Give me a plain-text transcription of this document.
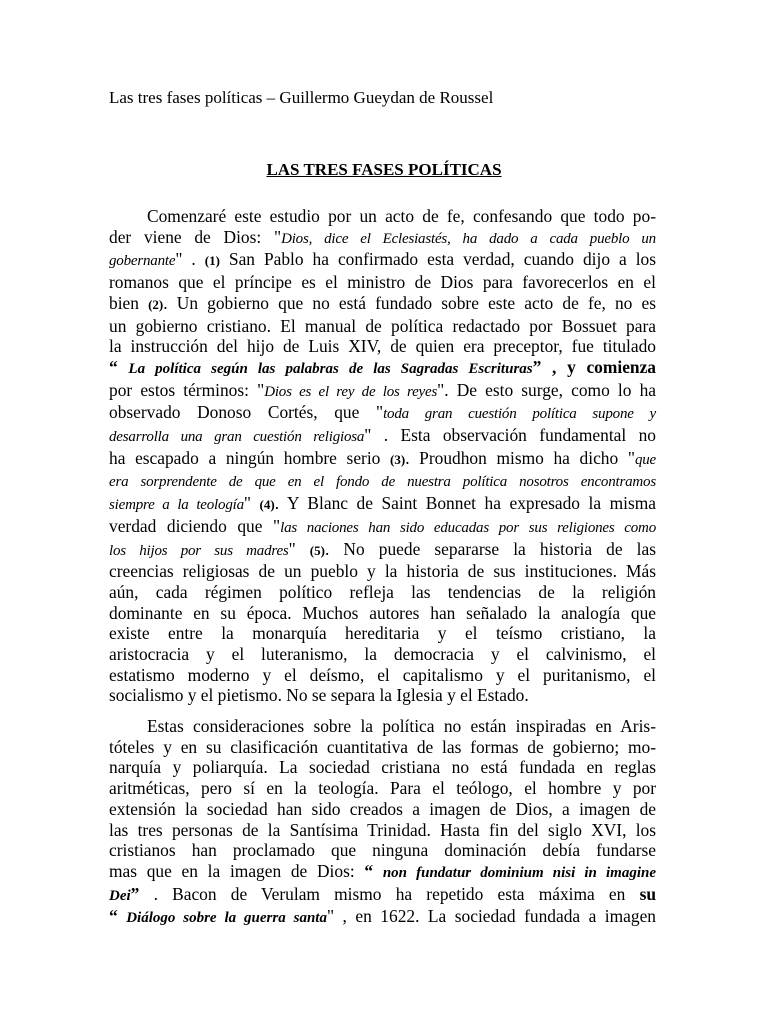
Las tres fases políticas – Guillermo Gueydan de Roussel
LAS TRES FASES POLÍTICAS
Comenzaré este estudio por un acto de fe, confesando que todo po-
der viene de Dios: "Dios, dice el Eclesiastés, ha dado a cada pueblo un
gobernante" . (1) San Pablo ha confirmado esta verdad, cuando dijo a los
romanos que el príncipe es el ministro de Dios para favorecerlos en el
bien (2). Un gobierno que no está fundado sobre este acto de fe, no es
un gobierno cristiano. El manual de política redactado por Bossuet para
la instrucción del hijo de Luis XIV, de quien era preceptor, fue titulado
“ La política según las palabras de las Sagradas Escrituras” , y comienza
por estos términos: "Dios es el rey de los reyes". De esto surge, como lo ha
observado Donoso Cortés, que "toda gran cuestión política supone y
desarrolla una gran cuestión religiosa" . Esta observación fundamental no
ha escapado a ningún hombre serio (3). Proudhon mismo ha dicho "que
era sorprendente de que en el fondo de nuestra política nosotros encontramos
siempre a la teología" (4). Y Blanc de Saint Bonnet ha expresado la misma
verdad diciendo que "las naciones han sido educadas por sus religiones como
los hijos por sus madres" (5). No puede separarse la historia de las
creencias religiosas de un pueblo y la historia de sus instituciones. Más
aún, cada régimen político refleja las tendencias de la religión
dominante en su época. Muchos autores han señalado la analogía que
existe entre la monarquía hereditaria y el teísmo cristiano, la
aristocracia y el luteranismo, la democracia y el calvinismo, el
estatismo moderno y el deísmo, el capitalismo y el puritanismo, el
socialismo y el pietismo. No se separa la Iglesia y el Estado.
Estas consideraciones sobre la política no están inspiradas en Aris-
tóteles y en su clasificación cuantitativa de las formas de gobierno; mo-
narquía y poliarquía. La sociedad cristiana no está fundada en reglas
aritméticas, pero sí en la teología. Para el teólogo, el hombre y por
extensión la sociedad han sido creados a imagen de Dios, a imagen de
las tres personas de la Santísima Trinidad. Hasta fin del siglo XVI, los
cristianos han proclamado que ninguna dominación debía fundarse
mas que en la imagen de Dios: “ non fundatur dominium nisi in imagine
Dei” . Bacon de Verulam mismo ha repetido esta máxima en su
“ Diálogo sobre la guerra santa" , en 1622. La sociedad fundada a imagen
